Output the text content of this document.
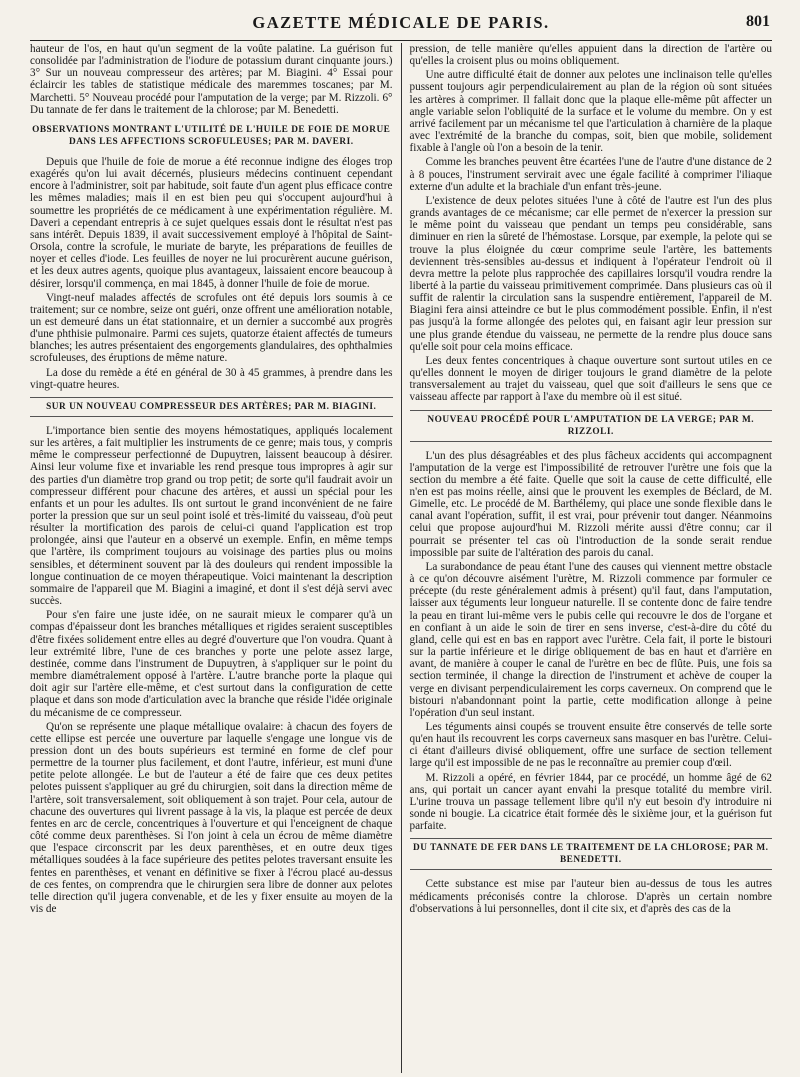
GAZETTE MÉDICALE DE PARIS.	801

hauteur de l'os, en haut qu'un segment de la voûte palatine. La guérison fut consolidée par l'administration de l'iodure de potassium durant cinquante jours.) 3° Sur un nouveau compresseur des artères; par M. Biagini. 4° Essai pour éclaircir les tables de statistique médicale des maremmes toscanes; par M. Marchetti. 5° Nouveau procédé pour l'amputation de la verge; par M. Rizzoli. 6° Du tannate de fer dans le traitement de la chlorose; par M. Benedetti.

OBSERVATIONS MONTRANT L'UTILITÉ DE L'HUILE DE FOIE DE MORUE DANS LES AFFECTIONS SCROFULEUSES; PAR M. DAVERI.

Depuis que l'huile de foie de morue a été reconnue indigne des éloges trop exagérés qu'on lui avait décernés, plusieurs médecins continuent cependant encore à l'administrer, soit par habitude, soit faute d'un agent plus efficace contre les mêmes maladies; mais il en est bien peu qui s'occupent aujourd'hui à soumettre les propriétés de ce médicament à une expérimentation régulière. M. Daveri a cependant entrepris à ce sujet quelques essais dont le résultat n'est pas sans intérêt. Depuis 1839, il avait successivement employé à l'hôpital de Saint-Orsola, contre la scrofule, le muriate de baryte, les préparations de feuilles de noyer et celles d'iode. Les feuilles de noyer ne lui procurèrent aucune guérison, et les deux autres agents, quoique plus avantageux, laissaient encore beaucoup à désirer, lorsqu'il commença, en mai 1845, à donner l'huile de foie de morue.

Vingt-neuf malades affectés de scrofules ont été depuis lors soumis à ce traitement; sur ce nombre, seize ont guéri, onze offrent une amélioration notable, un est demeuré dans un état stationnaire, et un dernier a succombé aux progrès d'une phthisie pulmonaire. Parmi ces sujets, quatorze étaient affectés de tumeurs blanches; les autres présentaient des engorgements glandulaires, des ophthalmies scrofuleuses, des éruptions de même nature.

La dose du remède a été en général de 30 à 45 grammes, à prendre dans les vingt-quatre heures.

SUR UN NOUVEAU COMPRESSEUR DES ARTÈRES; PAR M. BIAGINI.

L'importance bien sentie des moyens hémostatiques, appliqués localement sur les artères, a fait multiplier les instruments de ce genre; mais tous, y compris même le compresseur perfectionné de Dupuytren, laissent beaucoup à désirer. Ainsi leur volume fixe et invariable les rend presque tous impropres à agir sur des parties d'un diamètre trop grand ou trop petit; de sorte qu'il faudrait avoir un compresseur différent pour chacune des artères, et aussi un spécial pour les enfants et un pour les adultes. Ils ont surtout le grand inconvénient de ne faire porter la pression que sur un seul point isolé et très-limité du vaisseau, d'où peut résulter la mortification des parois de celui-ci quand l'application est trop prolongée, ainsi que l'auteur en a observé un exemple. Enfin, en même temps que l'artère, ils compriment toujours au voisinage des parties plus ou moins sensibles, et déterminent souvent par là des douleurs qui rendent impossible la longue continuation de ce moyen thérapeutique. Voici maintenant la description sommaire de l'appareil que M. Biagini a imaginé, et dont il s'est déjà servi avec succès.

Pour s'en faire une juste idée, on ne saurait mieux le comparer qu'à un compas d'épaisseur dont les branches métalliques et rigides seraient susceptibles d'être fixées solidement entre elles au degré d'ouverture que l'on voudra. Quant à leur extrémité libre, l'une de ces branches y porte une pelote assez large, destinée, comme dans l'instrument de Dupuytren, à s'appliquer sur le point du membre diamétralement opposé à l'artère. L'autre branche porte la plaque qui doit agir sur l'artère elle-même, et c'est surtout dans la configuration de cette plaque et dans son mode d'articulation avec la branche que réside l'idée originale du mécanisme de ce compresseur.

Qu'on se représente une plaque métallique ovalaire: à chacun des foyers de cette ellipse est percée une ouverture par laquelle s'engage une longue vis de pression dont un des bouts supérieurs est terminé en forme de clef pour permettre de la tourner plus facilement, et dont l'autre, inférieur, est muni d'une petite pelote allongée. Le but de l'auteur a été de faire que ces deux petites pelotes puissent s'appliquer au gré du chirurgien, soit dans la direction même de l'artère, soit transversalement, soit obliquement à son trajet. Pour cela, autour de chacune des ouvertures qui livrent passage à la vis, la plaque est percée de deux fentes en arc de cercle, concentriques à l'ouverture et qui l'enceignent de chaque côté comme deux parenthèses. Si l'on joint à cela un écrou de même diamètre que l'espace circonscrit par les deux parenthèses, et en outre deux tiges métalliques soudées à la face supérieure des petites pelotes traversant ensuite les fentes en parenthèses, et venant en définitive se fixer à l'écrou placé au-dessus de ces fentes, on comprendra que le chirurgien sera libre de donner aux pelotes telle direction qu'il jugera convenable, et de les y fixer ensuite au moyen de la vis de

pression, de telle manière qu'elles appuient dans la direction de l'artère ou qu'elles la croisent plus ou moins obliquement.

Une autre difficulté était de donner aux pelotes une inclinaison telle qu'elles pussent toujours agir perpendiculairement au plan de la région où sont situées les artères à comprimer. Il fallait donc que la plaque elle-même pût affecter un angle variable selon l'obliquité de la surface et le volume du membre. On y est arrivé facilement par un mécanisme tel que l'articulation à charnière de la plaque avec l'extrémité de la branche du compas, soit, bien que mobile, solidement fixable à l'angle où l'on a besoin de la tenir.

Comme les branches peuvent être écartées l'une de l'autre d'une distance de 2 à 8 pouces, l'instrument servirait avec une égale facilité à comprimer l'iliaque externe d'un adulte et la brachiale d'un enfant très-jeune.

L'existence de deux pelotes situées l'une à côté de l'autre est l'un des plus grands avantages de ce mécanisme; car elle permet de n'exercer la pression sur le même point du vaisseau que pendant un temps peu considérable, sans diminuer en rien la sûreté de l'hémostase. Lorsque, par exemple, la pelote qui se trouve la plus éloignée du cœur comprime seule l'artère, les battements deviennent très-sensibles au-dessus et indiquent à l'opérateur l'endroit où il devra mettre la pelote plus rapprochée des capillaires lorsqu'il voudra rendre la liberté à la partie du vaisseau primitivement comprimée. Dans plusieurs cas où il suffit de ralentir la circulation sans la suspendre entièrement, l'appareil de M. Biagini fera ainsi atteindre ce but le plus commodément possible. Enfin, il n'est pas jusqu'à la forme allongée des pelotes qui, en faisant agir leur pression sur une plus grande étendue du vaisseau, ne permette de la rendre plus douce sans qu'elle soit pour cela moins efficace.

Les deux fentes concentriques à chaque ouverture sont surtout utiles en ce qu'elles donnent le moyen de diriger toujours le grand diamètre de la pelote transversalement au trajet du vaisseau, quel que soit d'ailleurs le sens que ce vaisseau affecte par rapport à l'axe du membre où il est situé.

NOUVEAU PROCÉDÉ POUR L'AMPUTATION DE LA VERGE; PAR M. RIZZOLI.

L'un des plus désagréables et des plus fâcheux accidents qui accompagnent l'amputation de la verge est l'impossibilité de retrouver l'urètre une fois que la section du membre a été faite. Quelle que soit la cause de cette difficulté, elle n'en est pas moins réelle, ainsi que le prouvent les exemples de Béclard, de M. Gimelle, etc. Le procédé de M. Barthélemy, qui place une sonde flexible dans le canal avant l'opération, suffit, il est vrai, pour prévenir tout danger. Néanmoins celui que propose aujourd'hui M. Rizzoli mérite aussi d'être connu; car il pourrait se présenter tel cas où l'introduction de la sonde serait rendue impossible par suite de l'altération des parois du canal.

La surabondance de peau étant l'une des causes qui viennent mettre obstacle à ce qu'on découvre aisément l'urètre, M. Rizzoli commence par formuler ce précepte (du reste généralement admis à présent) qu'il faut, dans l'amputation, laisser aux téguments leur longueur naturelle. Il se contente donc de faire tendre la peau en tirant lui-même vers le pubis celle qui recouvre le dos de l'organe et en confiant à un aide le soin de tirer en sens inverse, c'est-à-dire du côté du gland, celle qui est en bas en rapport avec l'urètre. Cela fait, il porte le bistouri sur la partie inférieure et le dirige obliquement de bas en haut et d'arrière en avant, de manière à couper le canal de l'urètre en bec de flûte. Puis, une fois sa section terminée, il change la direction de l'instrument et achève de couper la verge en divisant perpendiculairement les corps caverneux. On comprend que le bistouri n'abandonnant point la partie, cette modification allonge à peine l'opération d'un seul instant.

Les téguments ainsi coupés se trouvent ensuite être conservés de telle sorte qu'en haut ils recouvrent les corps caverneux sans masquer en bas l'urètre. Celui-ci étant d'ailleurs divisé obliquement, offre une surface de section tellement large qu'il est impossible de ne pas le reconnaître au premier coup d'œil.

M. Rizzoli a opéré, en février 1844, par ce procédé, un homme âgé de 62 ans, qui portait un cancer ayant envahi la presque totalité du membre viril. L'urine trouva un passage tellement libre qu'il n'y eut besoin d'y introduire ni sonde ni bougie. La cicatrice était formée dès le sixième jour, et la guérison fut parfaite.

DU TANNATE DE FER DANS LE TRAITEMENT DE LA CHLOROSE; PAR M. BENEDETTI.

Cette substance est mise par l'auteur bien au-dessus de tous les autres médicaments préconisés contre la chlorose. D'après un certain nombre d'observations à lui personnelles, dont il cite six, et d'après des cas de la
